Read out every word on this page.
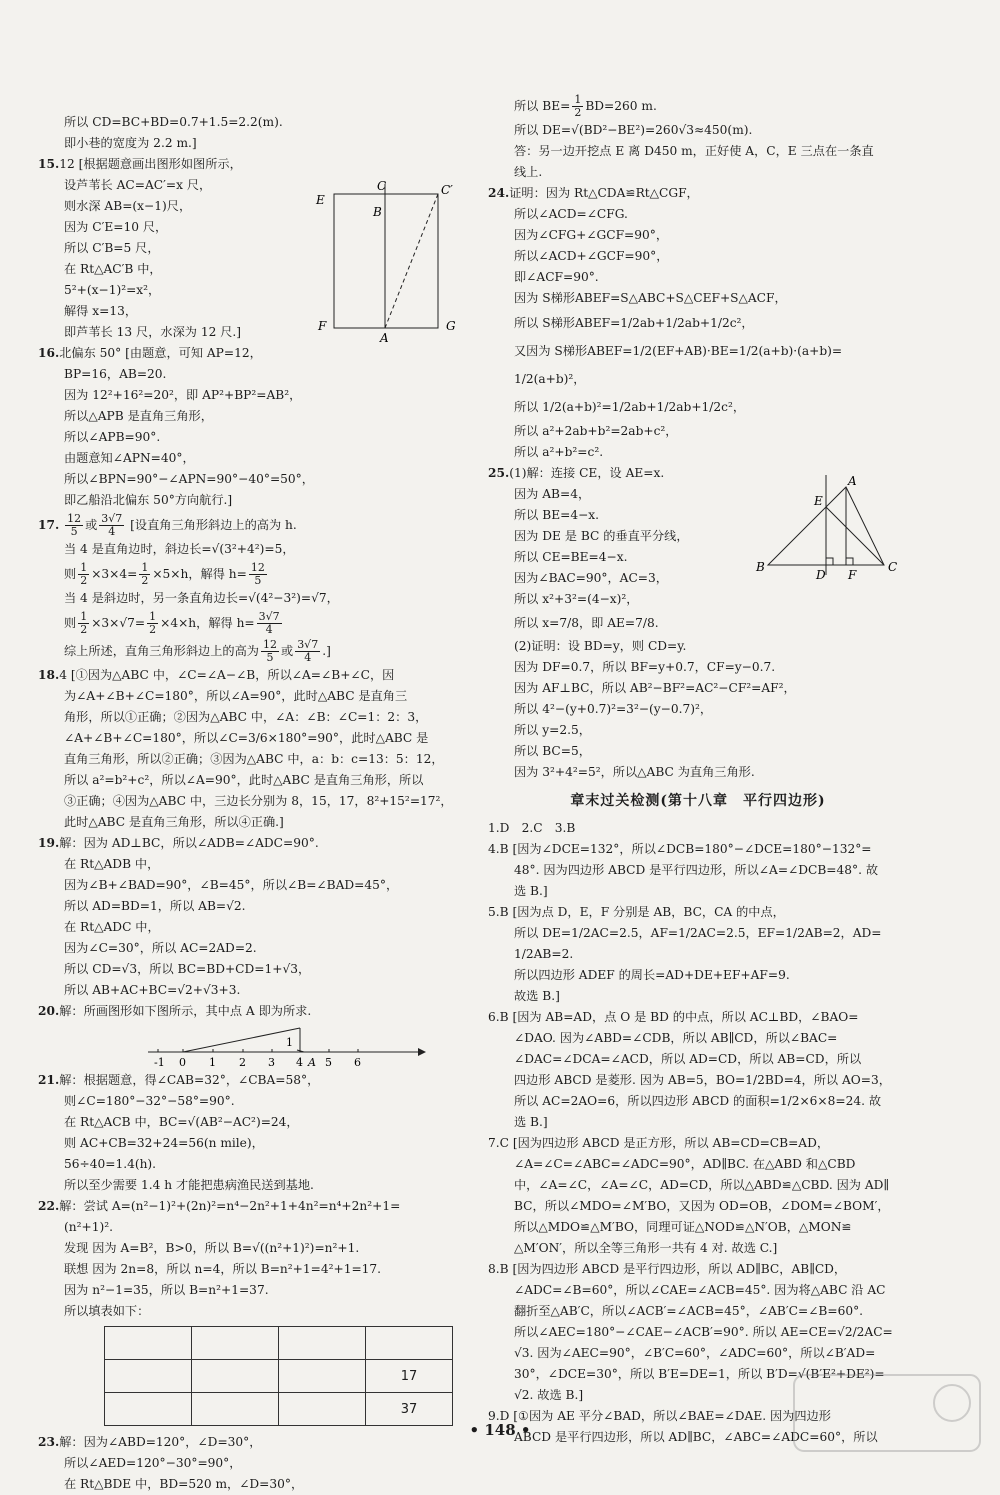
所以 CD=BC+BD=0.7+1.5=2.2(m).
即小巷的宽度为 2.2 m.]
15.12 [根据题意画出图形如图所示，
设芦苇长 AC=AC′=x 尺，
则水深 AB=(x−1)尺，
因为 C′E=10 尺，
所以 C′B=5 尺，
在 Rt△AC′B 中，
5²+(x−1)²=x²，
解得 x=13，
即芦苇长 13 尺，水深为 12 尺.]
E
C	C′
B
F
A
G
16.北偏东 50° [由题意，可知 AP=12，
BP=16，AB=20.
因为 12²+16²=20²，即 AP²+BP²=AB²，
所以△APB 是直角三角形，
所以∠APB=90°.
由题意知∠APN=40°，
所以∠BPN=90°−∠APN=90°−40°=50°，
即乙船沿北偏东 50°方向航行.]
17. $\frac{12}{5}$ 或 $\frac{3√7}{4}$ [设直角三角形斜边上的高为 h.
当 4 是直角边时，斜边长=√(3²+4²)=5，
则 $\frac{1}{2} \times 3\times 4= \frac{1}{2} \times 5\times h$，解得 $h= \frac{12}{5}$
当 4 是斜边时，另一条直角边长=√(4²−3²)=√7，
则 $\frac{1}{2} \times 3\times√7= \frac{1}{2} \times 4\times h$，解得 $h= \frac{3√7}{4}$
综上所述，直角三角形斜边上的高为 $\frac{12}{5}$ 或 $\frac{3√7}{4}$ .]
18.4 [①因为△ABC 中，∠C=∠A−∠B，所以∠A=∠B+∠C，因
为∠A+∠B+∠C=180°，所以∠A=90°，此时△ABC 是直角三
角形，所以①正确；②因为△ABC 中，∠A：∠B：∠C=1：2：3，
∠A+∠B+∠C=180°，所以∠C=3/6×180°=90°，此时△ABC 是
直角三角形，所以②正确；③因为△ABC 中，a：b：c=13：5：12，
所以 a²=b²+c²，所以∠A=90°，此时△ABC 是直角三角形，所以
③正确；④因为△ABC 中，三边长分别为 8，15，17，8²+15²=17²，
此时△ABC 是直角三角形，所以④正确.]
19.解：因为 AD⊥BC，所以∠ADB=∠ADC=90°.
在 Rt△ADB 中，
因为∠B+∠BAD=90°，∠B=45°，所以∠B=∠BAD=45°，
所以 AD=BD=1，所以 AB=√2.
在 Rt△ADC 中，
因为∠C=30°，所以 AC=2AD=2.
所以 CD=√3，所以 BC=BD+CD=1+√3，
所以 AB+AC+BC=√2+√3+3.
20.解：所画图形如下图所示，其中点 A 即为所求.
1
-1 0 1 2 3 4 A 5 6
21.解：根据题意，得∠CAB=32°，∠CBA=58°，
则∠C=180°−32°−58°=90°.
在 Rt△ACB 中，BC=√(AB²−AC²)=24，
则 AC+CB=32+24=56(n mile)，
56÷40=1.4(h).
所以至少需要 1.4 h 才能把患病渔民送到基地.
22.解：尝试 A=(n²−1)²+(2n)²=n⁴−2n²+1+4n²=n⁴+2n²+1=
(n²+1)².
发现 因为 A=B²，B>0，所以 B=√((n²+1)²)=n²+1.
联想 因为 2n=8，所以 n=4，所以 B=n²+1=4²+1=17.
因为 n²−1=35，所以 B=n²+1=37.
所以填表如下：

			17
			37
23.解：因为∠ABD=120°，∠D=30°，
所以∠AED=120°−30°=90°，
在 Rt△BDE 中，BD=520 m，∠D=30°，
所以 $BE= \frac{1}{2} BD=260$ m.
所以 DE=√(BD²−BE²)=260√3≈450(m).
答：另一边开挖点 E 离 D450 m，正好使 A，C，E 三点在一条直
线上.
24.证明：因为 Rt△CDA≌Rt△CGF，
所以∠ACD=∠CFG.
因为∠CFG+∠GCF=90°，
所以∠ACD+∠GCF=90°，
即∠ACF=90°.
因为 S梯形ABEF=S△ABC+S△CEF+S△ACF，
所以 S梯形ABEF=1/2ab+1/2ab+1/2c²，
又因为 S梯形ABEF=1/2(EF+AB)·BE=1/2(a+b)·(a+b)=
1/2(a+b)²，
所以 1/2(a+b)²=1/2ab+1/2ab+1/2c²，
所以 a²+2ab+b²=2ab+c²，
所以 a²+b²=c².
25.(1)解：连接 CE，设 AE=x.
因为 AB=4，
所以 BE=4−x.
因为 DE 是 BC 的垂直平分线，
所以 CE=BE=4−x.
因为∠BAC=90°，AC=3，
所以 x²+3²=(4−x)²，
所以 x=7/8，即 AE=7/8.
(2)证明：设 BD=y，则 CD=y.
因为 DF=0.7，所以 BF=y+0.7，CF=y−0.7.
因为 AF⊥BC，所以 AB²−BF²=AC²−CF²=AF²，
所以 4²−(y+0.7)²=3²−(y−0.7)²，
所以 y=2.5，
所以 BC=5，
因为 3²+4²=5²，所以△ABC 为直角三角形.
A
E
B
D F
C
章末过关检测(第十八章　平行四边形)
1.D　2.C　3.B
4.B [因为∠DCE=132°，所以∠DCB=180°−∠DCE=180°−132°=
48°. 因为四边形 ABCD 是平行四边形，所以∠A=∠DCB=48°. 故
选 B.]
5.B [因为点 D，E，F 分别是 AB，BC，CA 的中点，
所以 DE=1/2AC=2.5，AF=1/2AC=2.5，EF=1/2AB=2，AD=
1/2AB=2.
所以四边形 ADEF 的周长=AD+DE+EF+AF=9.
故选 B.]
6.B [因为 AB=AD，点 O 是 BD 的中点，所以 AC⊥BD，∠BAO=
∠DAO. 因为∠ABD=∠CDB，所以 AB∥CD，所以∠BAC=
∠DAC=∠DCA=∠ACD，所以 AD=CD，所以 AB=CD，所以
四边形 ABCD 是菱形. 因为 AB=5，BO=1/2BD=4，所以 AO=3，
所以 AC=2AO=6，所以四边形 ABCD 的面积=1/2×6×8=24. 故
选 B.]
7.C [因为四边形 ABCD 是正方形，所以 AB=CD=CB=AD，
∠A=∠C=∠ABC=∠ADC=90°，AD∥BC. 在△ABD 和△CBD
中，∠A=∠C，∠A=∠C，AD=CD，所以△ABD≌△CBD. 因为 AD∥
BC，所以∠MDO=∠M′BO，又因为 OD=OB，∠DOM=∠BOM′，
所以△MDO≌△M′BO，同理可证△NOD≌△N′OB，△MON≌
△M′ON′，所以全等三角形一共有 4 对. 故选 C.]
8.B [因为四边形 ABCD 是平行四边形，所以 AD∥BC，AB∥CD，
∠ADC=∠B=60°，所以∠CAE=∠ACB=45°. 因为将△ABC 沿 AC
翻折至△AB′C，所以∠ACB′=∠ACB=45°，∠AB′C=∠B=60°.
所以∠AEC=180°−∠CAE−∠ACB′=90°. 所以 AE=CE=√2/2AC=
√3. 因为∠AEC=90°，∠B′C=60°，∠ADC=60°，所以∠B′AD=
30°，∠DCE=30°，所以 B′E=DE=1，所以 B′D=√(B′E²+DE²)=
√2. 故选 B.]
9.D [①因为 AE 平分∠BAD，所以∠BAE=∠DAE. 因为四边形
ABCD 是平行四边形，所以 AD∥BC，∠ABC=∠ADC=60°，所以
• 148 •
